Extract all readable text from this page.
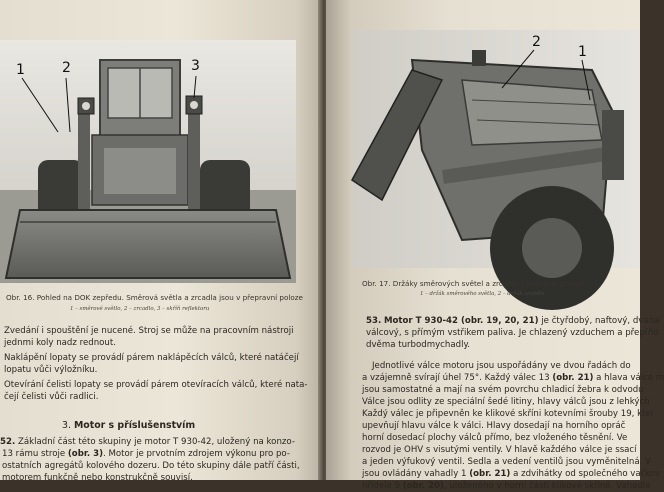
1	2	3
Obr. 16. Pohled na DOK zepředu. Směrová světla a zrcadla jsou v přepravní poloze
1 – směrové světlo, 2 – zrcadlo, 3 – skříň reflektoru
Zvedání i spouštění je nucené. Stroj se může na pracovním nástroji
jednmi koly nadz rednout.
Naklápění lopaty se provádí párem naklápěcích válců, které natáčejí
lopatu vůči výložníku.
Otevírání čelisti lopaty se provádí párem otevíracích válců, které nata-
čejí čelisti vůči radlici.
3. Motor s příslušenstvím
52. Základní část této skupiny je motor T 930-42, uložený na konzo-
13 rámu stroje (obr. 3). Motor je prvotním zdrojem výkonu pro po-
ostatních agregátů kolového dozeru. Do této skupiny dále patří části,
motorem funkčně nebo konstrukčně souvisí.
2
1
Obr. 17. Držáky směrových světel a zrcadla v pracovní poloze
1 – držák směrového světla, 2 – držák zrcadla
53. Motor T 930-42 (obr. 19, 20, 21) je čtyřdobý, naftový, dvana
válcový, s přímým vstřikem paliva. Je chlazený vzduchem a přepľňo
dvěma turbodmychadly.
Jednotlivé válce motoru jsou uspořádány ve dvou řadách do
a vzájemně svírají úhel 75°. Každý válec 13 (obr. 21) a hlava válce m
jsou samostatné a mají na svém povrchu chladicí žebra k odvodu
Válce jsou odlity ze speciální šedé litiny, hlavy válců jsou z lehkých
Každý válec je připevněn ke klikové skříni kotevními šrouby 19, ktei
upevňují hlavu válce k válci. Hlavy dosedají na horního opráč
horní dosedací plochy válců přímo, bez vloženého těsnění. Ve
rozvod je OHV s visutými ventily. V hlavě každého válce je ssací
a jeden výfukový ventil. Sedla a vedení ventilů jsou vyměnitelná. V
jsou ovládány vahadly 1 (obr. 21) a zdvihátky od společného vačkov
hřídele 9 (obr. 20), uloženého v horní části klikové skříně. Vahadla
